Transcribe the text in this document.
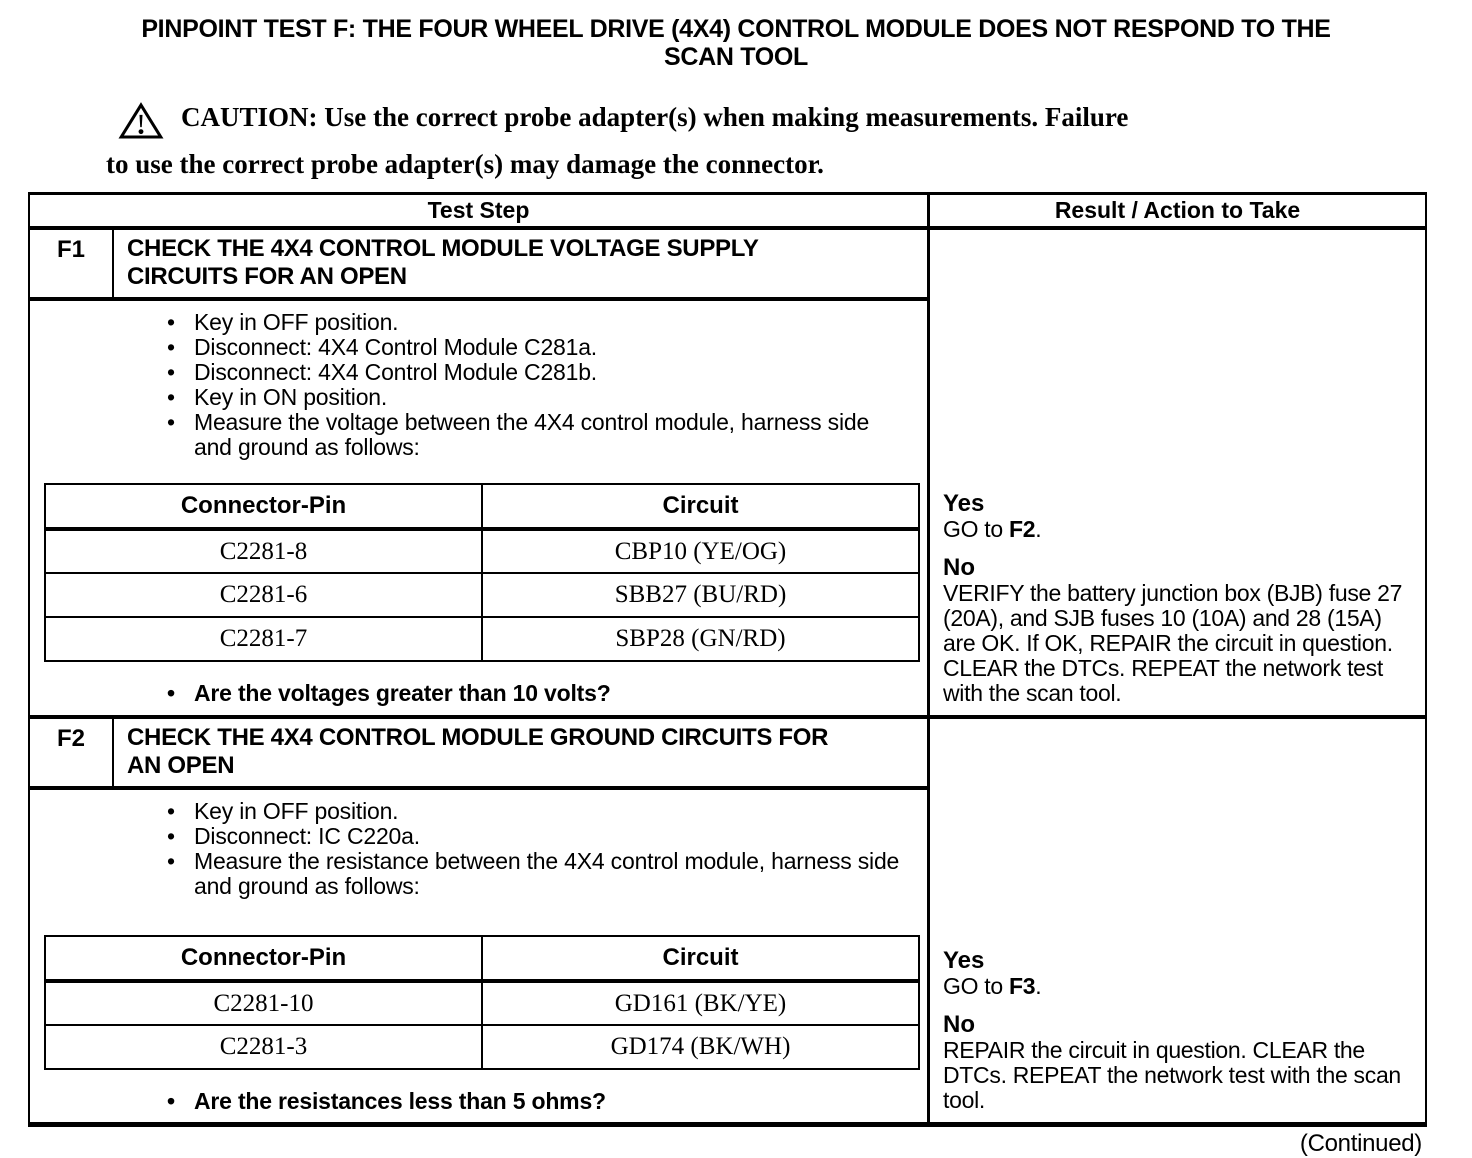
PINPOINT TEST F: THE FOUR WHEEL DRIVE (4X4) CONTROL MODULE DOES NOT RESPOND TO THE
SCAN TOOL
CAUTION: Use the correct probe adapter(s) when making measurements. Failure
to use the correct probe adapter(s) may damage the connector.
Test Step	Result / Action to Take
F1	CHECK THE 4X4 CONTROL MODULE VOLTAGE SUPPLY CIRCUITS FOR AN OPEN
• Key in OFF position.
• Disconnect: 4X4 Control Module C281a.
• Disconnect: 4X4 Control Module C281b.
• Key in ON position.
• Measure the voltage between the 4X4 control module, harness side and ground as follows:
Connector-Pin	Circuit
C2281-8	CBP10 (YE/OG)
C2281-6	SBB27 (BU/RD)
C2281-7	SBP28 (GN/RD)
• Are the voltages greater than 10 volts?
Yes
GO to F2.
No
VERIFY the battery junction box (BJB) fuse 27 (20A), and SJB fuses 10 (10A) and 28 (15A) are OK. If OK, REPAIR the circuit in question. CLEAR the DTCs. REPEAT the network test with the scan tool.
F2	CHECK THE 4X4 CONTROL MODULE GROUND CIRCUITS FOR AN OPEN
• Key in OFF position.
• Disconnect: IC C220a.
• Measure the resistance between the 4X4 control module, harness side and ground as follows:
Connector-Pin	Circuit
C2281-10	GD161 (BK/YE)
C2281-3	GD174 (BK/WH)
• Are the resistances less than 5 ohms?
Yes
GO to F3.
No
REPAIR the circuit in question. CLEAR the DTCs. REPEAT the network test with the scan tool.
(Continued)
